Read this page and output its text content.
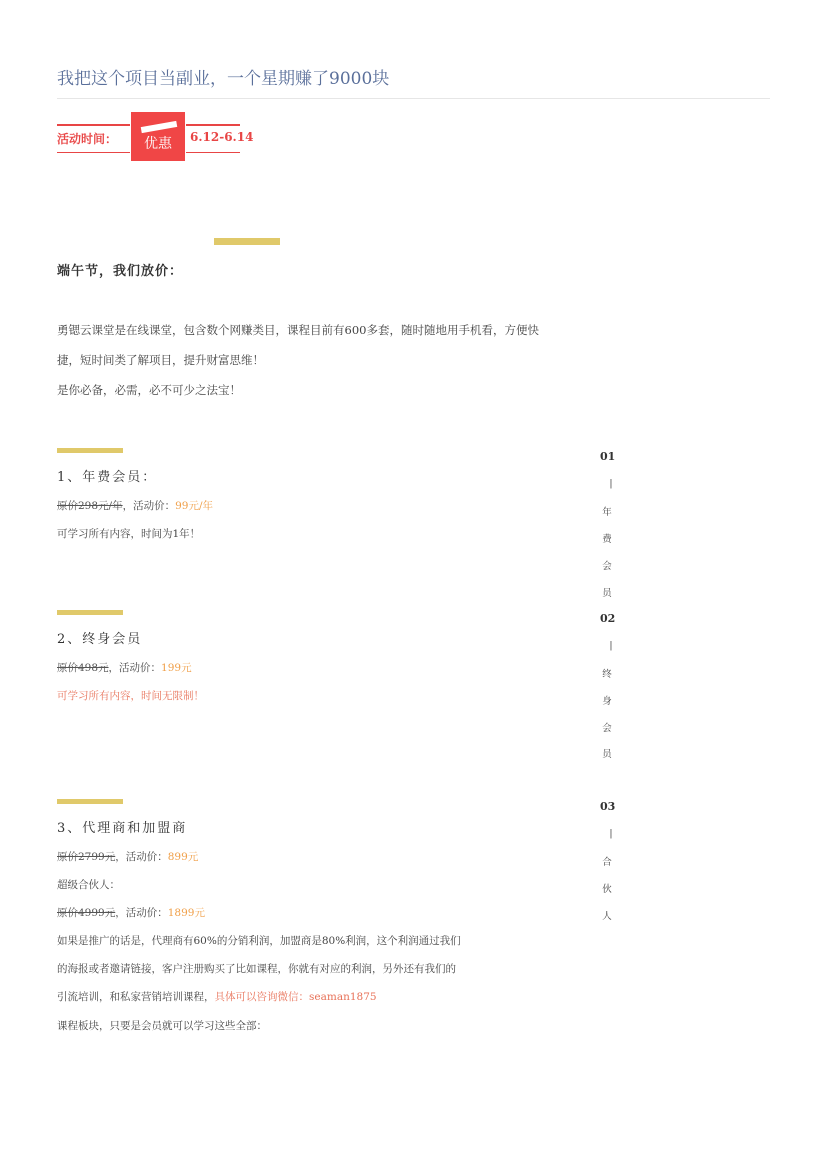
我把这个项目当副业，一个星期赚了9000块
活动时间：	优惠	6.12-6.14
端午节，我们放价：
勇锶云课堂是在线课堂，包含数个网赚类目，课程目前有600多套，随时随地用手机看，方便快
捷，短时间类了解项目，提升财富思维！
是你必备，必需，必不可少之法宝！
1、年费会员：
原价298元/年，活动价：99元/年
可学习所有内容，时间为1年！
01
|
年
费
会
员
2、终身会员
原价498元，活动价：199元
可学习所有内容，时间无限制！
02
|
终
身
会
员
3、代理商和加盟商
原价2799元，活动价：899元
超级合伙人：
原价4999元，活动价：1899元
如果是推广的话是，代理商有60%的分销利润，加盟商是80%利润，这个利润通过我们
的海报或者邀请链接，客户注册购买了比如课程，你就有对应的利润，另外还有我们的
引流培训，和私家营销培训课程，具体可以咨询微信：seaman1875
课程板块，只要是会员就可以学习这些全部：
03
|
合
伙
人
